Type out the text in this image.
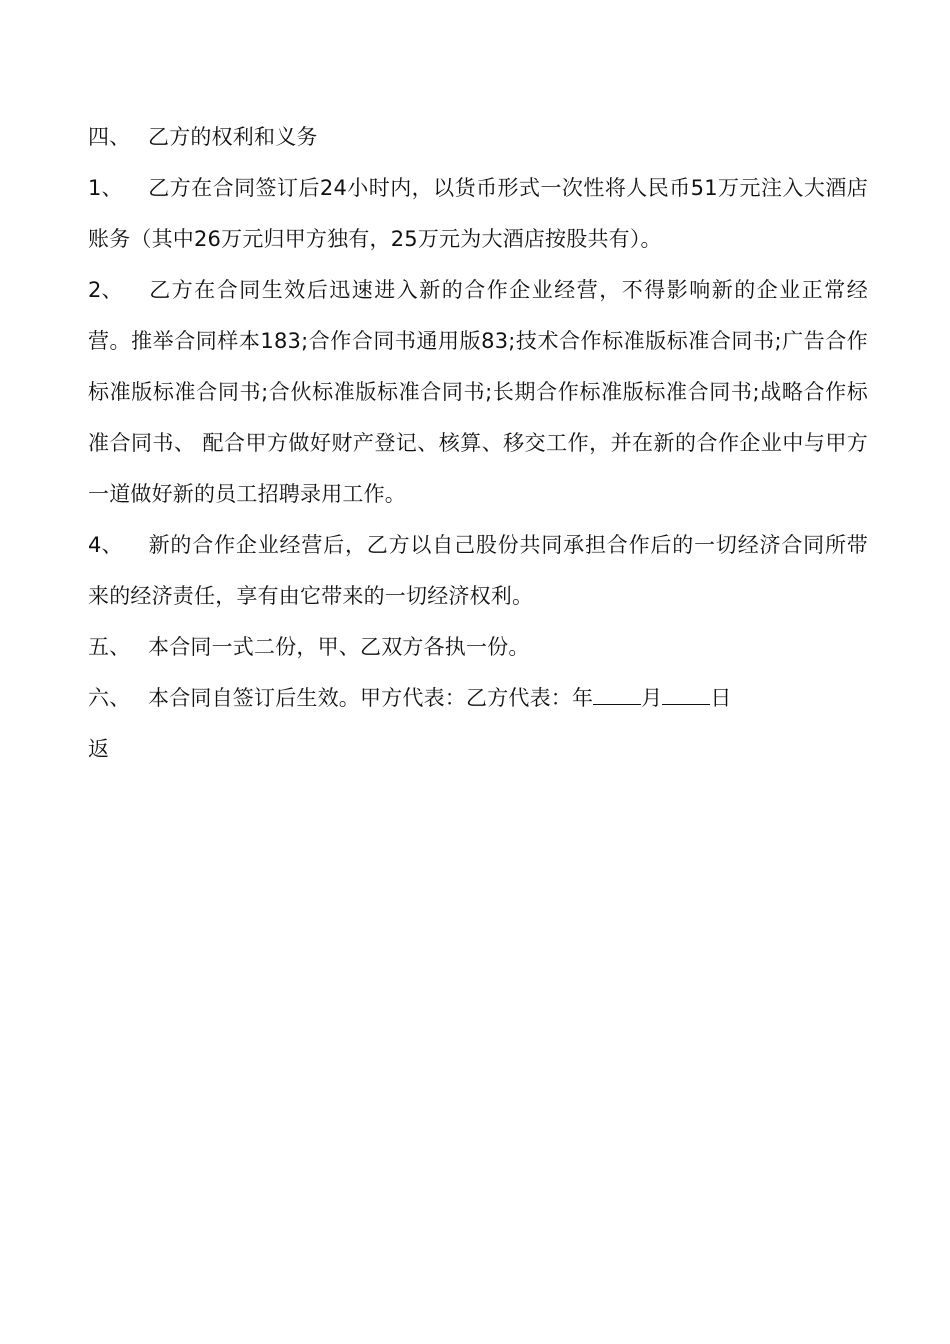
四、 乙方的权利和义务

1、 乙方在合同签订后24小时内，以货币形式一次性将人民币51万元注入大酒店账务（其中26万元归甲方独有，25万元为大酒店按股共有）。

2、 乙方在合同生效后迅速进入新的合作企业经营，不得影响新的企业正常经营。推举合同样本183;合作合同书通用版83;技术合作标准版标准合同书;广告合作标准版标准合同书;合伙标准版标准合同书;长期合作标准版标准合同书;战略合作标准合同书、 配合甲方做好财产登记、核算、移交工作，并在新的合作企业中与甲方一道做好新的员工招聘录用工作。

4、 新的合作企业经营后，乙方以自己股份共同承担合作后的一切经济合同所带来的经济责任，享有由它带来的一切经济权利。

五、 本合同一式二份，甲、乙双方各执一份。

六、 本合同自签订后生效。甲方代表：乙方代表：年 月 日

返
